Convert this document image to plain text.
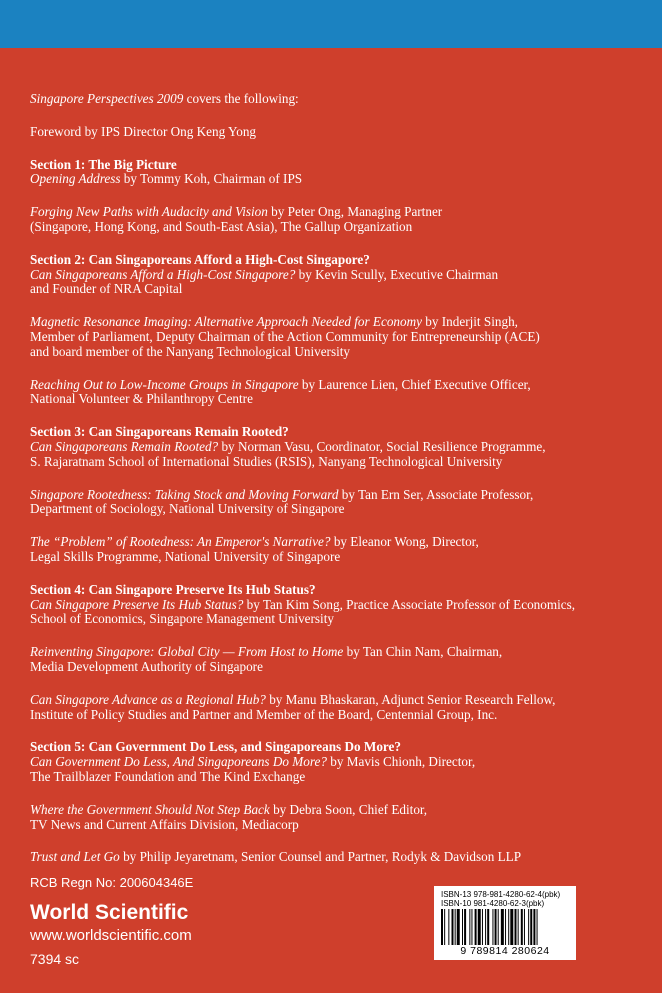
Singapore Perspectives 2009 covers the following:

Foreword by IPS Director Ong Keng Yong

Section 1: The Big Picture

Opening Address by Tommy Koh, Chairman of IPS

Forging New Paths with Audacity and Vision by Peter Ong, Managing Partner

(Singapore, Hong Kong, and South-East Asia), The Gallup Organization

Section 2: Can Singaporeans Afford a High-Cost Singapore?

Can Singaporeans Afford a High-Cost Singapore? by Kevin Scully, Executive Chairman

and Founder of NRA Capital

Magnetic Resonance Imaging: Alternative Approach Needed for Economy by Inderjit Singh,

Member of Parliament, Deputy Chairman of the Action Community for Entrepreneurship (ACE)

and board member of the Nanyang Technological University

Reaching Out to Low-Income Groups in Singapore by Laurence Lien, Chief Executive Officer,

National Volunteer & Philanthropy Centre

Section 3: Can Singaporeans Remain Rooted?

Can Singaporeans Remain Rooted? by Norman Vasu, Coordinator, Social Resilience Programme,

S. Rajaratnam School of International Studies (RSIS), Nanyang Technological University

Singapore Rootedness: Taking Stock and Moving Forward by Tan Ern Ser, Associate Professor,

Department of Sociology, National University of Singapore

The “Problem” of Rootedness: An Emperor's Narrative? by Eleanor Wong, Director,

Legal Skills Programme, National University of Singapore

Section 4: Can Singapore Preserve Its Hub Status?

Can Singapore Preserve Its Hub Status? by Tan Kim Song, Practice Associate Professor of Economics,

School of Economics, Singapore Management University

Reinventing Singapore: Global City — From Host to Home by Tan Chin Nam, Chairman,

Media Development Authority of Singapore

Can Singapore Advance as a Regional Hub? by Manu Bhaskaran, Adjunct Senior Research Fellow,

Institute of Policy Studies and Partner and Member of the Board, Centennial Group, Inc.

Section 5: Can Government Do Less, and Singaporeans Do More?

Can Government Do Less, And Singaporeans Do More? by Mavis Chionh, Director,

The Trailblazer Foundation and The Kind Exchange

Where the Government Should Not Step Back by Debra Soon, Chief Editor,

TV News and Current Affairs Division, Mediacorp

Trust and Let Go by Philip Jeyaretnam, Senior Counsel and Partner, Rodyk & Davidson LLP

RCB Regn No: 200604346E
World Scientific
www.worldscientific.com
7394 sc
ISBN-13 978-981-4280-62-4(pbk)
ISBN-10 981-4280-62-3(pbk)
9 789814 280624
